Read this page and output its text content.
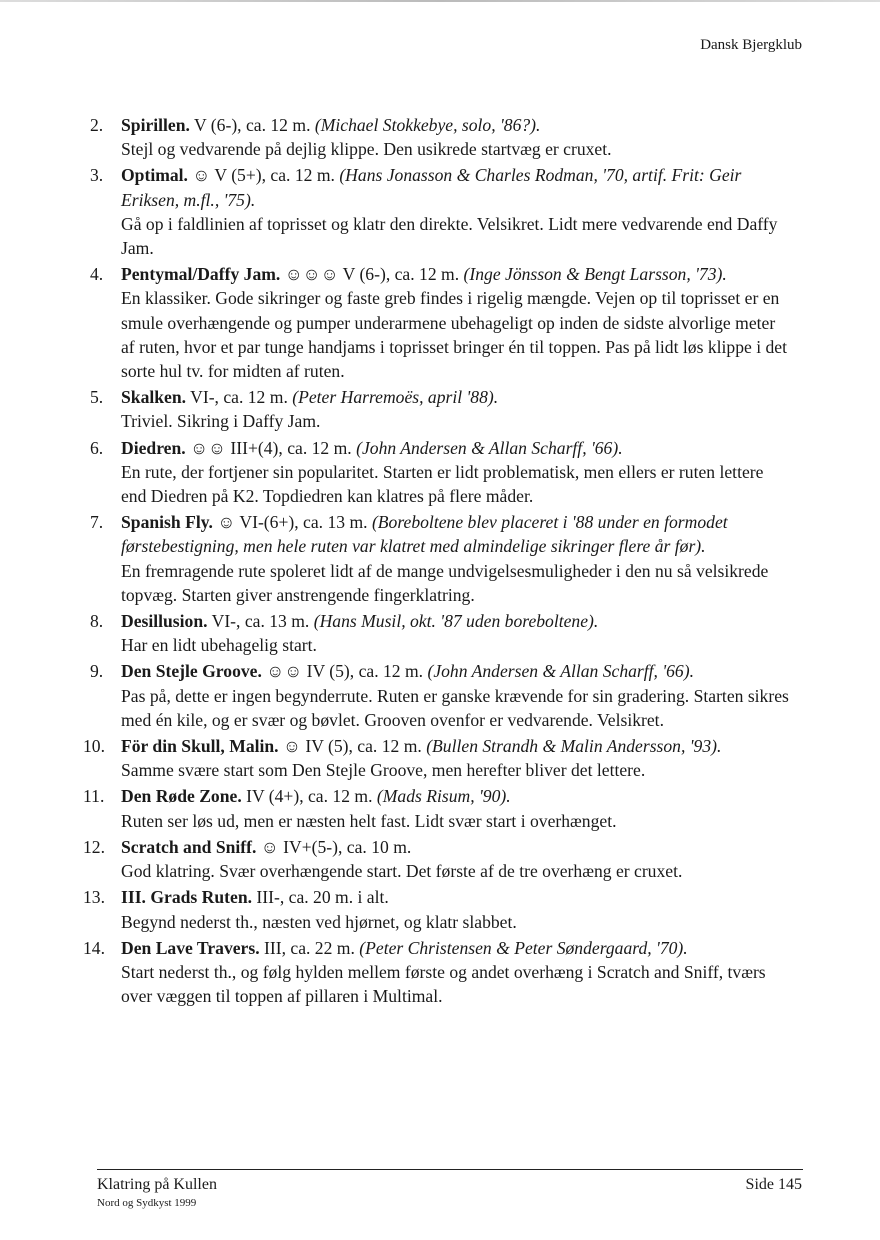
Dansk Bjergklub
2. Spirillen. V (6-), ca. 12 m. (Michael Stokkebye, solo, '86?).
Stejl og vedvarende på dejlig klippe. Den usikrede startvæg er cruxet.
3. Optimal. ☺ V (5+), ca. 12 m. (Hans Jonasson & Charles Rodman, '70, artif. Frit: Geir Eriksen, m.fl., '75).
Gå op i faldlinien af toprisset og klatr den direkte. Velsikret. Lidt mere vedvarende end Daffy Jam.
4. Pentymal/Daffy Jam. ☺☺☺ V (6-), ca. 12 m. (Inge Jönsson & Bengt Larsson, '73).
En klassiker. Gode sikringer og faste greb findes i rigelig mængde. Vejen op til toprisset er en smule overhængende og pumper underarmene ubehageligt op inden de sidste alvorlige meter af ruten, hvor et par tunge handjams i toprisset bringer én til toppen. Pas på lidt løs klippe i det sorte hul tv. for midten af ruten.
5. Skalken. VI-, ca. 12 m. (Peter Harremoës, april '88).
Triviel. Sikring i Daffy Jam.
6. Diedren. ☺☺ III+(4), ca. 12 m. (John Andersen & Allan Scharff, '66).
En rute, der fortjener sin popularitet. Starten er lidt problematisk, men ellers er ruten lettere end Diedren på K2. Topdiedren kan klatres på flere måder.
7. Spanish Fly. ☺ VI-(6+), ca. 13 m. (Boreboltene blev placeret i '88 under en formodet førstebestigning, men hele ruten var klatret med almindelige sikringer flere år før).
En fremragende rute spoleret lidt af de mange undvigelsesmuligheder i den nu så velsikrede topvæg. Starten giver anstrengende fingerklatring.
8. Desillusion. VI-, ca. 13 m. (Hans Musil, okt. '87 uden boreboltene).
Har en lidt ubehagelig start.
9. Den Stejle Groove. ☺☺ IV (5), ca. 12 m. (John Andersen & Allan Scharff, '66).
Pas på, dette er ingen begynderrute. Ruten er ganske krævende for sin gradering. Starten sikres med én kile, og er svær og bøvlet. Grooven ovenfor er vedvarende. Velsikret.
10. För din Skull, Malin. ☺ IV (5), ca. 12 m. (Bullen Strandh & Malin Andersson, '93).
Samme svære start som Den Stejle Groove, men herefter bliver det lettere.
11. Den Røde Zone. IV (4+), ca. 12 m. (Mads Risum, '90).
Ruten ser løs ud, men er næsten helt fast. Lidt svær start i overhænget.
12. Scratch and Sniff. ☺ IV+(5-), ca. 10 m.
God klatring. Svær overhængende start. Det første af de tre overhæng er cruxet.
13. III. Grads Ruten. III-, ca. 20 m. i alt.
Begynd nederst th., næsten ved hjørnet, og klatr slabbet.
14. Den Lave Travers. III, ca. 22 m. (Peter Christensen & Peter Søndergaard, '70).
Start nederst th., og følg hylden mellem første og andet overhæng i Scratch and Sniff, tværs over væggen til toppen af pillaren i Multimal.
Klatring på Kullen
Nord og Sydkyst 1999
Side 145
